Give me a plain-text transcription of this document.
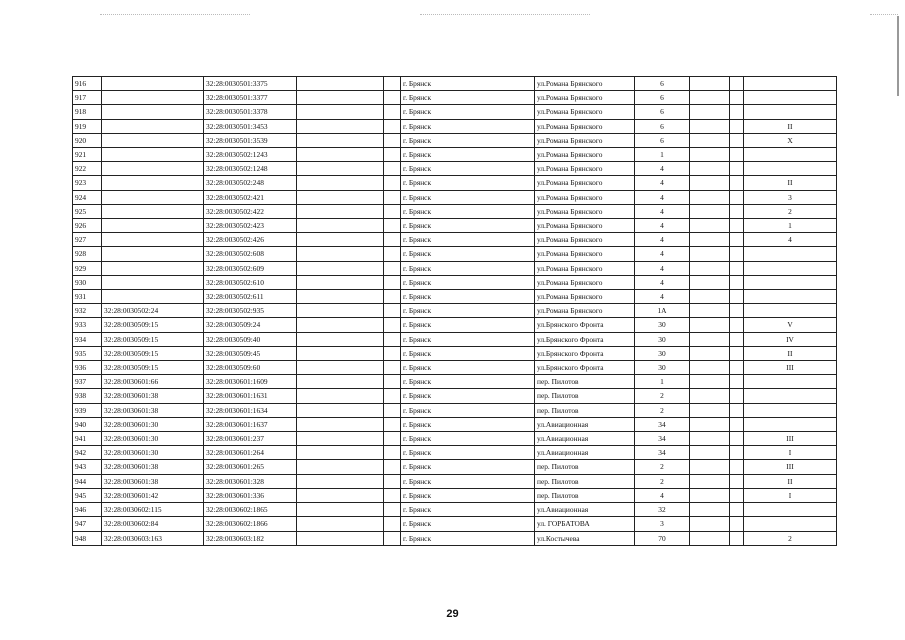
916		32:28:0030501:3375			г. Брянск	ул.Романа Брянского	6			
917		32:28:0030501:3377			г. Брянск	ул.Романа Брянского	6			
918		32:28:0030501:3378			г. Брянск	ул.Романа Брянского	6			
919		32:28:0030501:3453			г. Брянск	ул.Романа Брянского	6			II
920		32:28:0030501:3539			г. Брянск	ул.Романа Брянского	6			X
921		32:28:0030502:1243			г. Брянск	ул.Романа Брянского	1			
922		32:28:0030502:1248			г. Брянск	ул.Романа Брянского	4			
923		32:28:0030502:248			г. Брянск	ул.Романа Брянского	4			II
924		32:28:0030502:421			г. Брянск	ул.Романа Брянского	4			3
925		32:28:0030502:422			г. Брянск	ул.Романа Брянского	4			2
926		32:28:0030502:423			г. Брянск	ул.Романа Брянского	4			1
927		32:28:0030502:426			г. Брянск	ул.Романа Брянского	4			4
928		32:28:0030502:608			г. Брянск	ул.Романа Брянского	4			
929		32:28:0030502:609			г. Брянск	ул.Романа Брянского	4			
930		32:28:0030502:610			г. Брянск	ул.Романа Брянского	4			
931		32:28:0030502:611			г. Брянск	ул.Романа Брянского	4			
932	32:28:0030502:24	32:28:0030502:935			г. Брянск	ул.Романа Брянского	1А			
933	32:28:0030509:15	32:28:0030509:24			г. Брянск	ул.Брянского Фронта	30			V
934	32:28:0030509:15	32:28:0030509:40			г. Брянск	ул.Брянского Фронта	30			IV
935	32:28:0030509:15	32:28:0030509:45			г. Брянск	ул.Брянского Фронта	30			II
936	32:28:0030509:15	32:28:0030509:60			г. Брянск	ул.Брянского Фронта	30			III
937	32:28:0030601:66	32:28:0030601:1609			г. Брянск	пер. Пилотов	1			
938	32:28:0030601:38	32:28:0030601:1631			г. Брянск	пер. Пилотов	2			
939	32:28:0030601:38	32:28:0030601:1634			г. Брянск	пер. Пилотов	2			
940	32:28:0030601:30	32:28:0030601:1637			г. Брянск	ул.Авиационная	34			
941	32:28:0030601:30	32:28:0030601:237			г. Брянск	ул.Авиационная	34			III
942	32:28:0030601:30	32:28:0030601:264			г. Брянск	ул.Авиационная	34			I
943	32:28:0030601:38	32:28:0030601:265			г. Брянск	пер. Пилотов	2			III
944	32:28:0030601:38	32:28:0030601:328			г. Брянск	пер. Пилотов	2			II
945	32:28:0030601:42	32:28:0030601:336			г. Брянск	пер. Пилотов	4			I
946	32:28:0030602:115	32:28:0030602:1865			г. Брянск	ул.Авиационная	32			
947	32:28:0030602:84	32:28:0030602:1866			г. Брянск	ул. ГОРБАТОВА	3			
948	32:28:0030603:163	32:28:0030603:182			г. Брянск	ул.Костычева	70			2
29
